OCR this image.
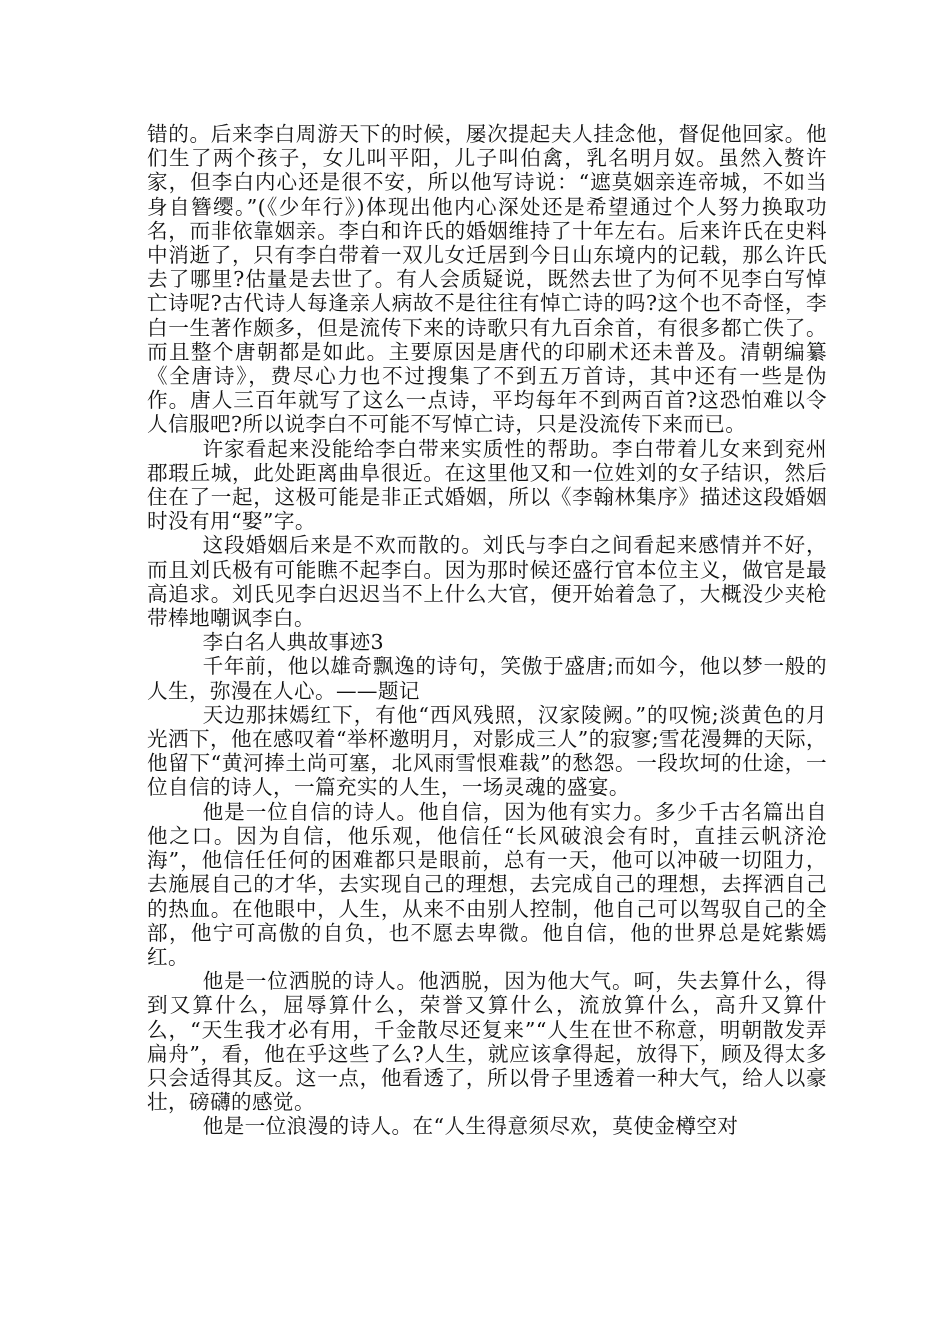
错的。后来李白周游天下的时候，屡次提起夫人挂念他，督促他回家。他们生了两个孩子，女儿叫平阳，儿子叫伯禽，乳名明月奴。虽然入赘许家，但李白内心还是很不安，所以他写诗说：“遮莫姻亲连帝城，不如当身自簪缨。”(《少年行》)体现出他内心深处还是希望通过个人努力换取功名，而非依靠姻亲。李白和许氏的婚姻维持了十年左右。后来许氏在史料中消逝了，只有李白带着一双儿女迁居到今日山东境内的记载，那么许氏去了哪里?估量是去世了。有人会质疑说，既然去世了为何不见李白写悼亡诗呢?古代诗人每逢亲人病故不是往往有悼亡诗的吗?这个也不奇怪，李白一生著作颇多，但是流传下来的诗歌只有九百余首，有很多都亡佚了。而且整个唐朝都是如此。主要原因是唐代的印刷术还未普及。清朝编纂《全唐诗》，费尽心力也不过搜集了不到五万首诗，其中还有一些是伪作。唐人三百年就写了这么一点诗，平均每年不到两百首?这恐怕难以令人信服吧?所以说李白不可能不写悼亡诗，只是没流传下来而已。

许家看起来没能给李白带来实质性的帮助。李白带着儿女来到兖州郡瑕丘城，此处距离曲阜很近。在这里他又和一位姓刘的女子结识，然后住在了一起，这极可能是非正式婚姻，所以《李翰林集序》描述这段婚姻时没有用“娶”字。

这段婚姻后来是不欢而散的。刘氏与李白之间看起来感情并不好，而且刘氏极有可能瞧不起李白。因为那时候还盛行官本位主义，做官是最高追求。刘氏见李白迟迟当不上什么大官，便开始着急了，大概没少夹枪带棒地嘲讽李白。

李白名人典故事迹3

千年前，他以雄奇飘逸的诗句，笑傲于盛唐;而如今，他以梦一般的人生，弥漫在人心。——题记

天边那抹嫣红下，有他“西风残照，汉家陵阙。”的叹惋;淡黄色的月光洒下，他在感叹着“举杯邀明月，对影成三人”的寂寥;雪花漫舞的天际，他留下“黄河捧土尚可塞，北风雨雪恨难裁”的愁怨。一段坎坷的仕途，一位自信的诗人，一篇充实的人生，一场灵魂的盛宴。

他是一位自信的诗人。他自信，因为他有实力。多少千古名篇出自他之口。因为自信，他乐观，他信任“长风破浪会有时，直挂云帆济沧海”，他信任任何的困难都只是眼前，总有一天，他可以冲破一切阻力，去施展自己的才华，去实现自己的理想，去完成自己的理想，去挥洒自己的热血。在他眼中，人生，从来不由别人控制，他自己可以驾驭自己的全部，他宁可高傲的自负，也不愿去卑微。他自信，他的世界总是姹紫嫣红。

他是一位洒脱的诗人。他洒脱，因为他大气。呵，失去算什么，得到又算什么，屈辱算什么，荣誉又算什么，流放算什么，高升又算什么，“天生我才必有用，千金散尽还复来”“人生在世不称意，明朝散发弄扁舟”，看，他在乎这些了么?人生，就应该拿得起，放得下，顾及得太多只会适得其反。这一点，他看透了，所以骨子里透着一种大气，给人以豪壮，磅礴的感觉。

他是一位浪漫的诗人。在“人生得意须尽欢，莫使金樽空对
